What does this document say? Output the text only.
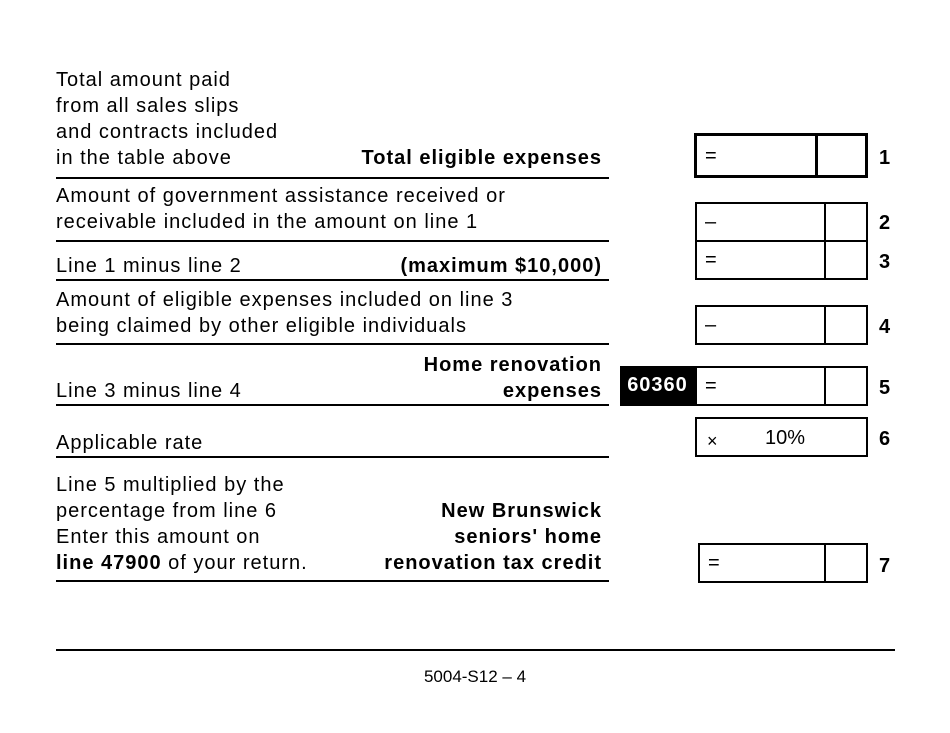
Total amount paid
from all sales slips
and contracts included
in the table above	Total eligible expenses	=	1
Amount of government assistance received or
receivable included in the amount on line 1	–	2
Line 1 minus line 2	(maximum $10,000)	=	3
Amount of eligible expenses included on line 3
being claimed by other eligible individuals	–	4
Line 3 minus line 4
Home renovation
expenses	60360 =	5
Applicable rate	× 10%	6
Line 5 multiplied by the
percentage from line 6
Enter this amount on
line 47900 of your return.
New Brunswick
seniors' home
renovation tax credit	=	7
5004-S12 – 4
